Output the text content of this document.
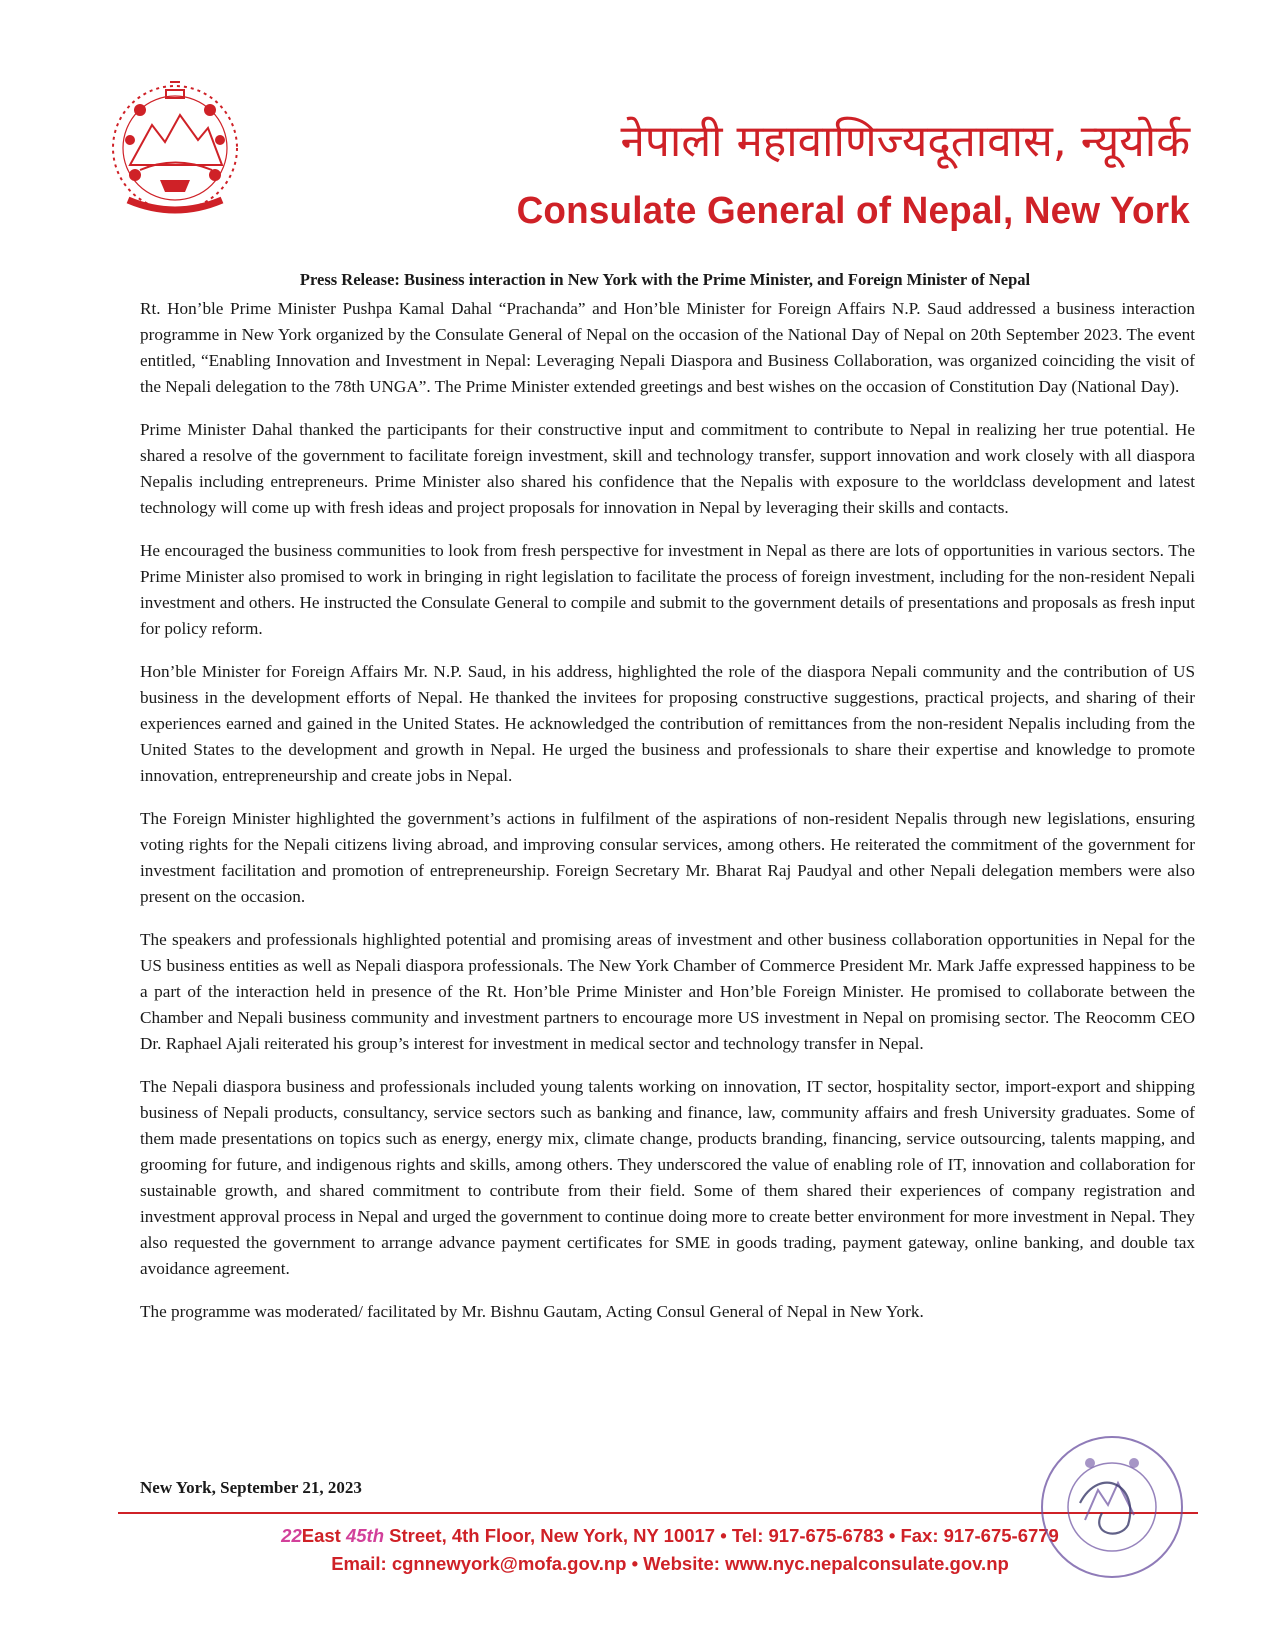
नेपाली महावाणिज्यदूतावास, न्यूयोर्क
Consulate General of Nepal, New York
Press Release: Business interaction in New York with the Prime Minister, and Foreign Minister of Nepal

Rt. Hon’ble Prime Minister Pushpa Kamal Dahal “Prachanda” and Hon’ble Minister for Foreign Affairs N.P. Saud addressed a business interaction programme in New York organized by the Consulate General of Nepal on the occasion of the National Day of Nepal on 20th September 2023. The event entitled, “Enabling Innovation and Investment in Nepal: Leveraging Nepali Diaspora and Business Collaboration, was organized coinciding the visit of the Nepali delegation to the 78th UNGA”. The Prime Minister extended greetings and best wishes on the occasion of Constitution Day (National Day).

Prime Minister Dahal thanked the participants for their constructive input and commitment to contribute to Nepal in realizing her true potential. He shared a resolve of the government to facilitate foreign investment, skill and technology transfer, support innovation and work closely with all diaspora Nepalis including entrepreneurs. Prime Minister also shared his confidence that the Nepalis with exposure to the worldclass development and latest technology will come up with fresh ideas and project proposals for innovation in Nepal by leveraging their skills and contacts.

He encouraged the business communities to look from fresh perspective for investment in Nepal as there are lots of opportunities in various sectors. The Prime Minister also promised to work in bringing in right legislation to facilitate the process of foreign investment, including for the non-resident Nepali investment and others. He instructed the Consulate General to compile and submit to the government details of presentations and proposals as fresh input for policy reform.

Hon’ble Minister for Foreign Affairs Mr. N.P. Saud, in his address, highlighted the role of the diaspora Nepali community and the contribution of US business in the development efforts of Nepal. He thanked the invitees for proposing constructive suggestions, practical projects, and sharing of their experiences earned and gained in the United States. He acknowledged the contribution of remittances from the non-resident Nepalis including from the United States to the development and growth in Nepal. He urged the business and professionals to share their expertise and knowledge to promote innovation, entrepreneurship and create jobs in Nepal.

The Foreign Minister highlighted the government’s actions in fulfilment of the aspirations of non-resident Nepalis through new legislations, ensuring voting rights for the Nepali citizens living abroad, and improving consular services, among others. He reiterated the commitment of the government for investment facilitation and promotion of entrepreneurship. Foreign Secretary Mr. Bharat Raj Paudyal and other Nepali delegation members were also present on the occasion.

The speakers and professionals highlighted potential and promising areas of investment and other business collaboration opportunities in Nepal for the US business entities as well as Nepali diaspora professionals. The New York Chamber of Commerce President Mr. Mark Jaffe expressed happiness to be a part of the interaction held in presence of the Rt. Hon’ble Prime Minister and Hon’ble Foreign Minister. He promised to collaborate between the Chamber and Nepali business community and investment partners to encourage more US investment in Nepal on promising sector. The Reocomm CEO Dr. Raphael Ajali reiterated his group’s interest for investment in medical sector and technology transfer in Nepal.

The Nepali diaspora business and professionals included young talents working on innovation, IT sector, hospitality sector, import-export and shipping business of Nepali products, consultancy, service sectors such as banking and finance, law, community affairs and fresh University graduates. Some of them made presentations on topics such as energy, energy mix, climate change, products branding, financing, service outsourcing, talents mapping, and grooming for future, and indigenous rights and skills, among others. They underscored the value of enabling role of IT, innovation and collaboration for sustainable growth, and shared commitment to contribute from their field. Some of them shared their experiences of company registration and investment approval process in Nepal and urged the government to continue doing more to create better environment for more investment in Nepal. They also requested the government to arrange advance payment certificates for SME in goods trading, payment gateway, online banking, and double tax avoidance agreement.

The programme was moderated/ facilitated by Mr. Bishnu Gautam, Acting Consul General of Nepal in New York.

New York, September 21, 2023
22East 45th Street, 4th Floor, New York, NY 10017 • Tel: 917-675-6783 • Fax: 917-675-6779
Email: cgnnewyork@mofa.gov.np • Website: www.nyc.nepalconsulate.gov.np
